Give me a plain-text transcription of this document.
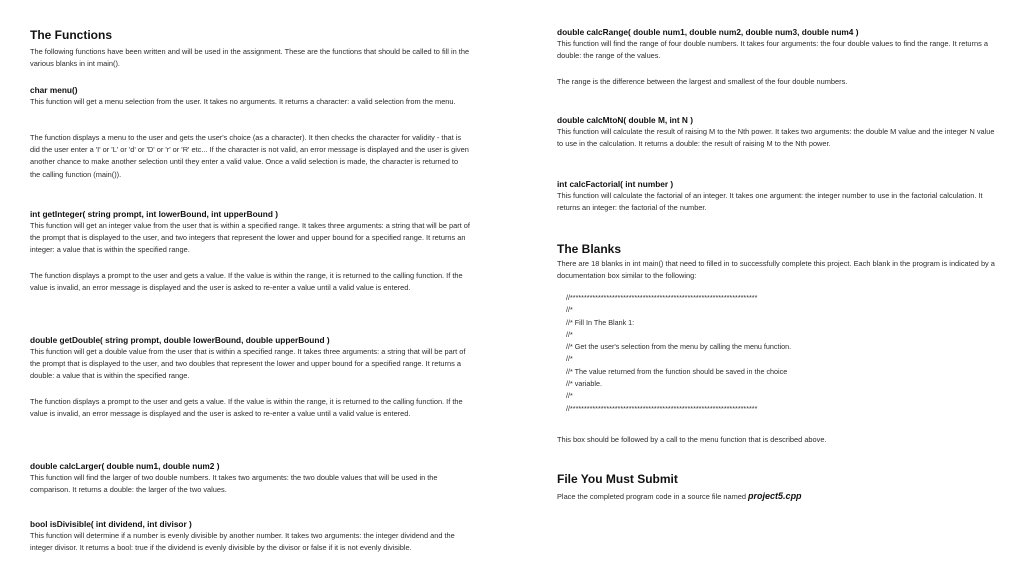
The Functions

The following functions have been written and will be used in the assignment. These are the functions that should be called to fill in the various blanks in int main().

char menu()

This function will get a menu selection from the user. It takes no arguments. It returns a character: a valid selection from the menu.

The function displays a menu to the user and gets the user's choice (as a character). It then checks the character for validity - that is did the user enter a 'I' or 'L' or 'd' or 'D' or 'r' or 'R' etc... If the character is not valid, an error message is displayed and the user is given another chance to make another selection until they enter a valid value. Once a valid selection is made, the character is returned to the calling function (main()).

int getInteger( string prompt, int lowerBound, int upperBound )

This function will get an integer value from the user that is within a specified range. It takes three arguments: a string that will be part of the prompt that is displayed to the user, and two integers that represent the lower and upper bound for a specified range. It returns an integer: a value that is within the specified range.

The function displays a prompt to the user and gets a value. If the value is within the range, it is returned to the calling function. If the value is invalid, an error message is displayed and the user is asked to re-enter a value until a valid value is entered.

double getDouble( string prompt, double lowerBound, double upperBound )

This function will get a double value from the user that is within a specified range. It takes three arguments: a string that will be part of the prompt that is displayed to the user, and two doubles that represent the lower and upper bound for a specified range. It returns a double: a value that is within the specified range.

The function displays a prompt to the user and gets a value. If the value is within the range, it is returned to the calling function. If the value is invalid, an error message is displayed and the user is asked to re-enter a value until a valid value is entered.

double calcLarger( double num1, double num2 )

This function will find the larger of two double numbers. It takes two arguments: the two double values that will be used in the comparison. It returns a double: the larger of the two values.

bool isDivisible( int dividend, int divisor )

This function will determine if a number is evenly divisible by another number. It takes two arguments: the integer dividend and the integer divisor. It returns a bool: true if the dividend is evenly divisible by the divisor or false if it is not evenly divisible.

double calcRange( double num1, double num2, double num3, double num4 )

This function will find the range of four double numbers. It takes four arguments: the four double values to find the range. It returns a double: the range of the values.

The range is the difference between the largest and smallest of the four double numbers.

double calcMtoN( double M, int N )

This function will calculate the result of raising M to the Nth power. It takes two arguments: the double M value and the integer N value to use in the calculation. It returns a double: the result of raising M to the Nth power.

int calcFactorial( int number )

This function will calculate the factorial of an integer. It takes one argument: the integer number to use in the factorial calculation. It returns an integer: the factorial of the number.

The Blanks

There are 18 blanks in int main() that need to filled in to successfully complete this project. Each blank in the program is indicated by a documentation box similar to the following:

//*******************************************************************
//*
//* Fill In The Blank 1:
//*
//* Get the user's selection from the menu by calling the menu function.
//*
//* The value returned from the function should be saved in the choice
//* variable.
//*
//*******************************************************************

This box should be followed by a call to the menu function that is described above.

File You Must Submit

Place the completed program code in a source file named project5.cpp
